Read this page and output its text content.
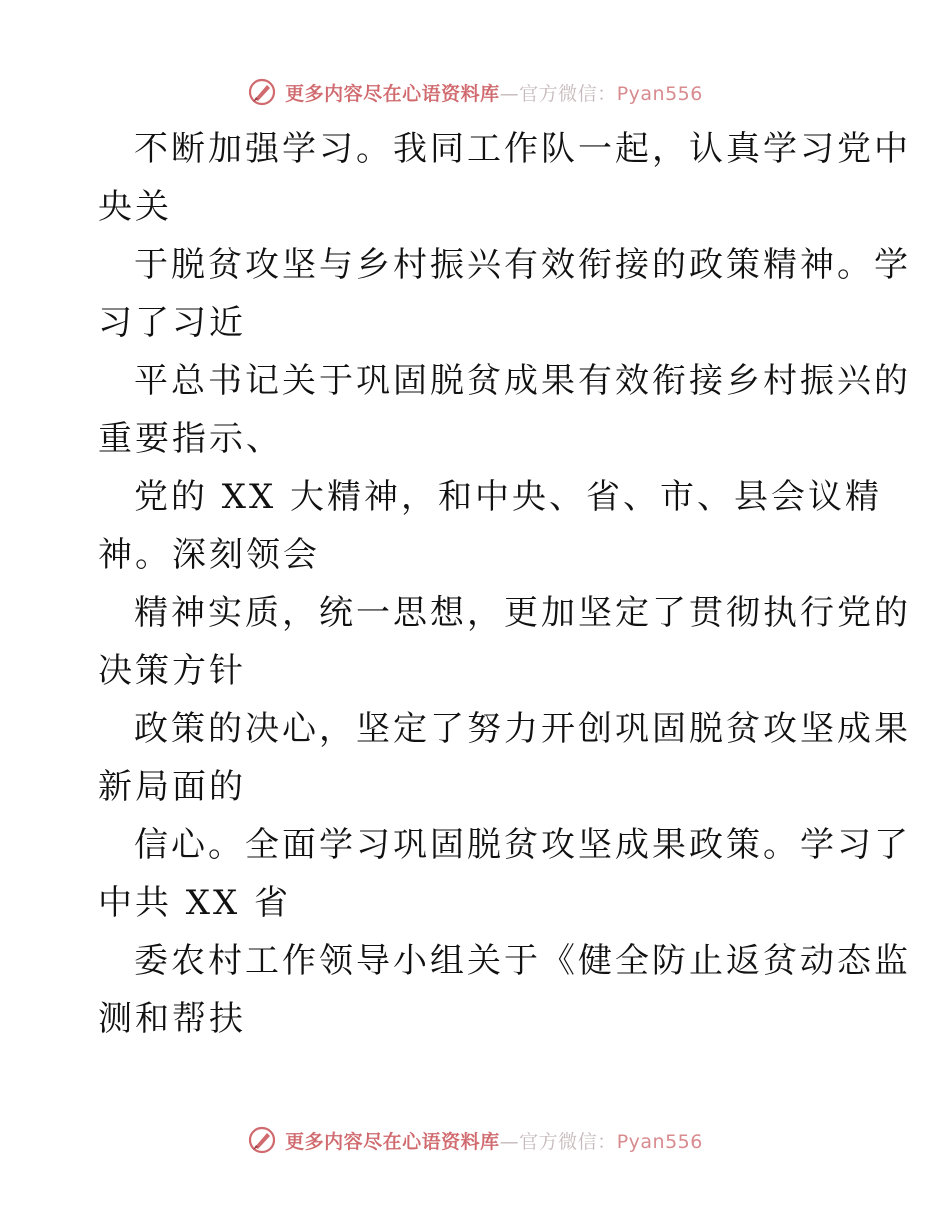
更多内容尽在心语资料库—官方微信：Pyan556

不断加强学习。我同工作队一起，认真学习党中
央关

于脱贫攻坚与乡村振兴有效衔接的政策精神。学
习了习近

平总书记关于巩固脱贫成果有效衔接乡村振兴的
重要指示、

党的 XX 大精神，和中央、省、市、县会议精
神。深刻领会

精神实质，统一思想，更加坚定了贯彻执行党的
决策方针

政策的决心，坚定了努力开创巩固脱贫攻坚成果
新局面的

信心。全面学习巩固脱贫攻坚成果政策。学习了
中共 XX 省

委农村工作领导小组关于《健全防止返贫动态监
测和帮扶

更多内容尽在心语资料库—官方微信：Pyan556
